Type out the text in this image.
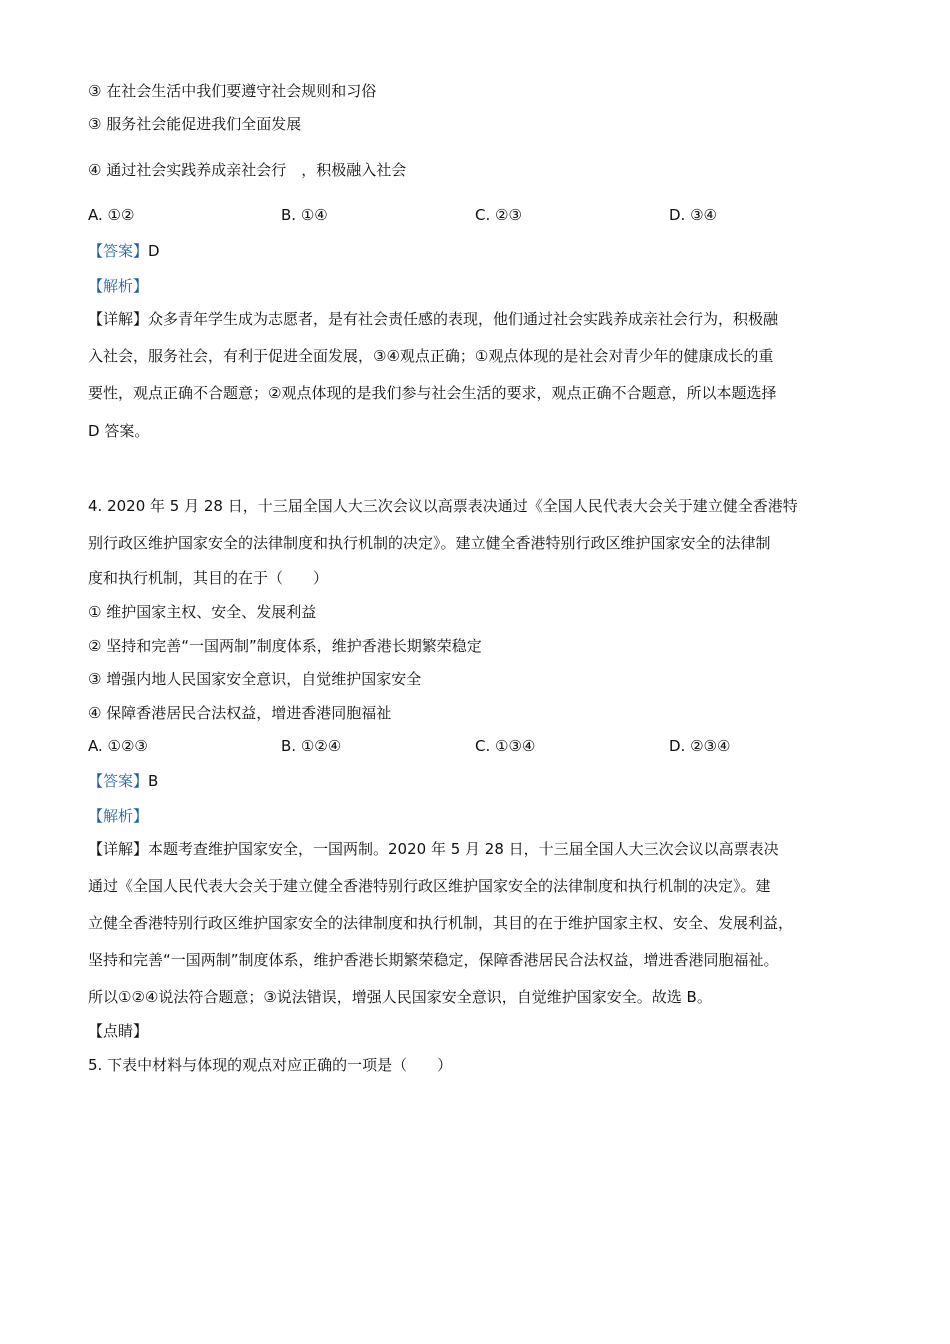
③ 在社会生活中我们要遵守社会规则和习俗
③ 服务社会能促进我们全面发展
④ 通过社会实践养成亲社会行　，积极融入社会
A. ①②	B. ①④	C. ②③	D. ③④
【答案】D
【解析】
【详解】众多青年学生成为志愿者，是有社会责任感的表现，他们通过社会实践养成亲社会行为，积极融
入社会，服务社会，有利于促进全面发展，③④观点正确；①观点体现的是社会对青少年的健康成长的重
要性，观点正确不合题意；②观点体现的是我们参与社会生活的要求，观点正确不合题意，所以本题选择
D 答案。
4. 2020 年 5 月 28 日，十三届全国人大三次会议以高票表决通过《全国人民代表大会关于建立健全香港特
别行政区维护国家安全的法律制度和执行机制的决定》。建立健全香港特别行政区维护国家安全的法律制
度和执行机制，其目的在于（　　）
① 维护国家主权、安全、发展利益
② 坚持和完善“一国两制”制度体系，维护香港长期繁荣稳定
③ 增强内地人民国家安全意识，自觉维护国家安全
④ 保障香港居民合法权益，增进香港同胞福祉
A. ①②③	B. ①②④	C. ①③④	D. ②③④
【答案】B
【解析】
【详解】本题考查维护国家安全，一国两制。2020 年 5 月 28 日，十三届全国人大三次会议以高票表决
通过《全国人民代表大会关于建立健全香港特别行政区维护国家安全的法律制度和执行机制的决定》。建
立健全香港特别行政区维护国家安全的法律制度和执行机制，其目的在于维护国家主权、安全、发展利益，
坚持和完善“一国两制”制度体系，维护香港长期繁荣稳定，保障香港居民合法权益，增进香港同胞福祉。
所以①②④说法符合题意；③说法错误，增强人民国家安全意识，自觉维护国家安全。故选 B。
【点睛】
5. 下表中材料与体现的观点对应正确的一项是（　　）
